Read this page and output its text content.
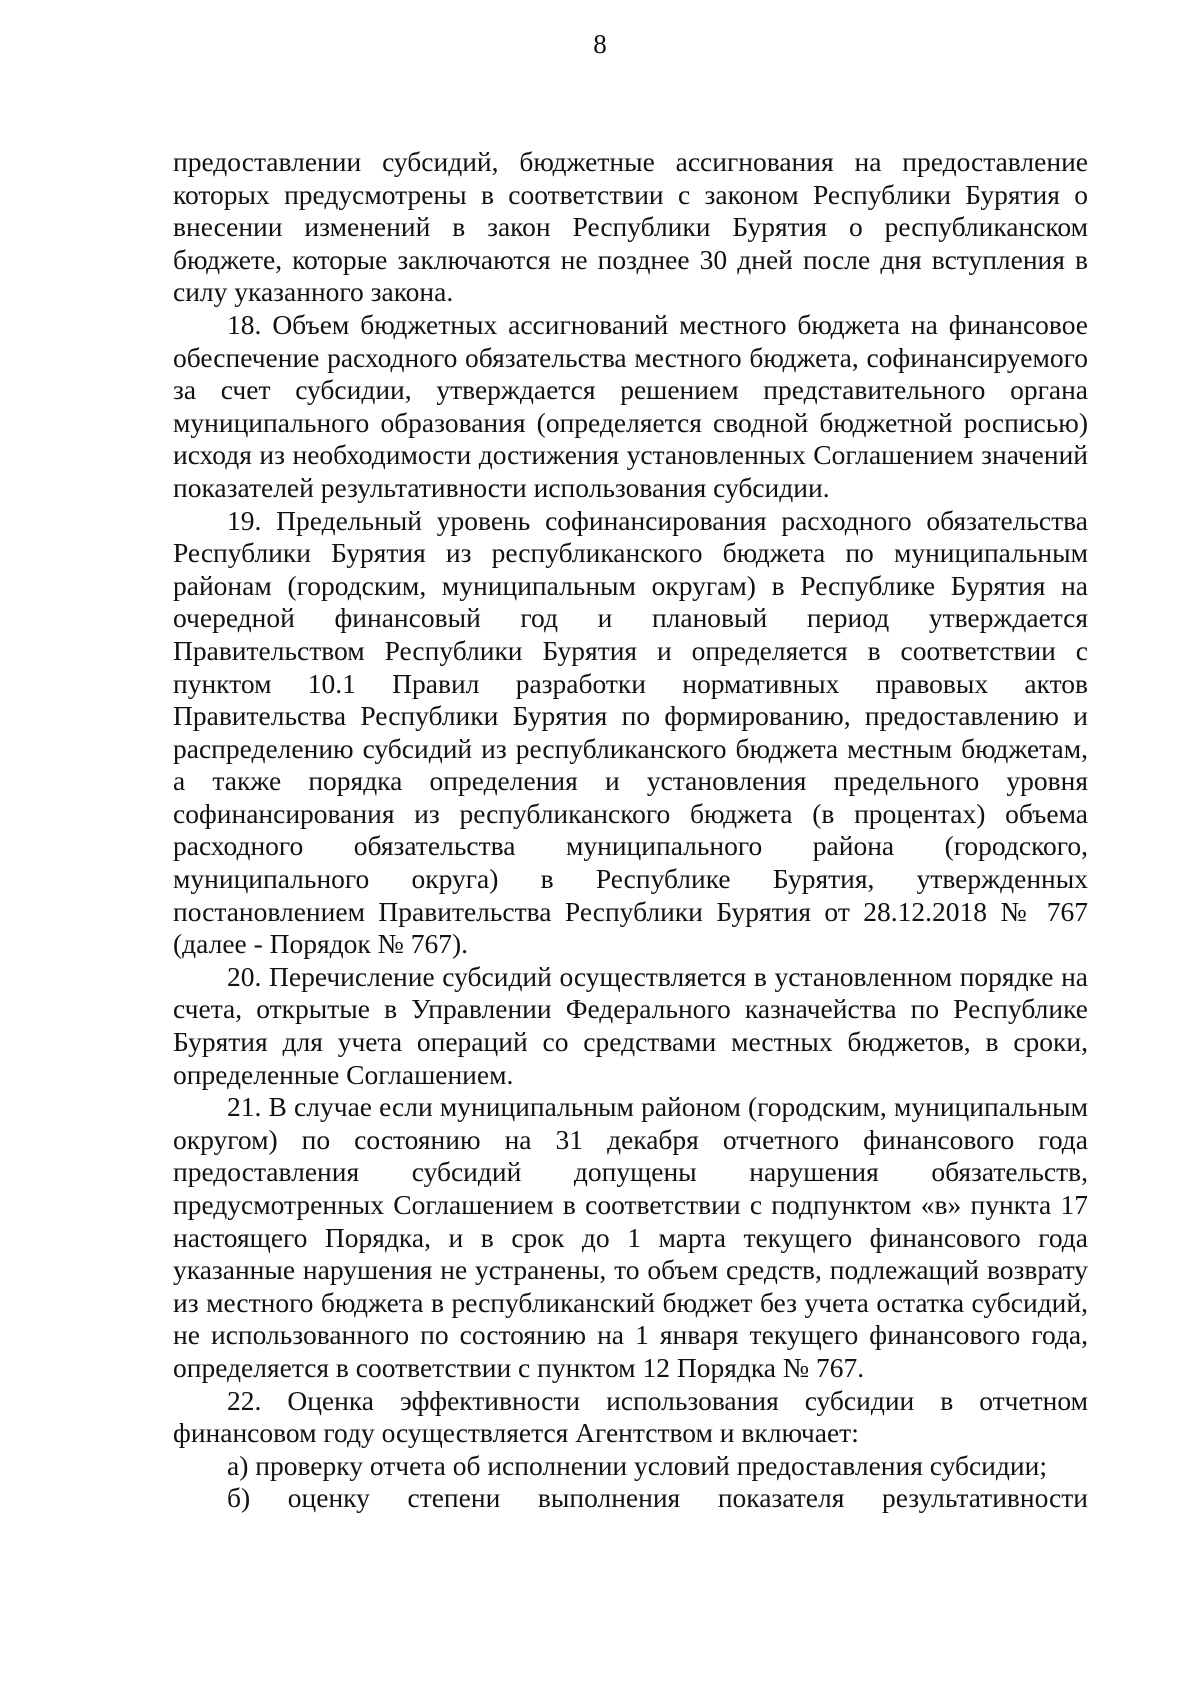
8

предоставлении субсидий, бюджетные ассигнования на предоставление которых предусмотрены в соответствии с законом Республики Бурятия о внесении изменений в закон Республики Бурятия о республиканском бюджете, которые заключаются не позднее 30 дней после дня вступления в силу указанного закона.

18. Объем бюджетных ассигнований местного бюджета на финансовое обеспечение расходного обязательства местного бюджета, софинансируемого за счет субсидии, утверждается решением представительного органа муниципального образования (определяется сводной бюджетной росписью) исходя из необходимости достижения установленных Соглашением значений показателей результативности использования субсидии.

19. Предельный уровень софинансирования расходного обязательства Республики Бурятия из республиканского бюджета по муниципальным районам (городским, муниципальным округам) в Республике Бурятия на очередной финансовый год и плановый период утверждается Правительством Республики Бурятия и определяется в соответствии с пунктом 10.1 Правил разработки нормативных правовых актов Правительства Республики Бурятия по формированию, предоставлению и распределению субсидий из республиканского бюджета местным бюджетам, а также порядка определения и установления предельного уровня софинансирования из республиканского бюджета (в процентах) объема расходного обязательства муниципального района (городского, муниципального округа) в Республике Бурятия, утвержденных постановлением Правительства Республики Бурятия от 28.12.2018 № 767 (далее - Порядок № 767).

20. Перечисление субсидий осуществляется в установленном порядке на счета, открытые в Управлении Федерального казначейства по Республике Бурятия для учета операций со средствами местных бюджетов, в сроки, определенные Соглашением.

21. В случае если муниципальным районом (городским, муниципальным округом) по состоянию на 31 декабря отчетного финансового года предоставления субсидий допущены нарушения обязательств, предусмотренных Соглашением в соответствии с подпунктом «в» пункта 17 настоящего Порядка, и в срок до 1 марта текущего финансового года указанные нарушения не устранены, то объем средств, подлежащий возврату из местного бюджета в республиканский бюджет без учета остатка субсидий, не использованного по состоянию на 1 января текущего финансового года, определяется в соответствии с пунктом 12 Порядка № 767.

22. Оценка эффективности использования субсидии в отчетном финансовом году осуществляется Агентством и включает:

а) проверку отчета об исполнении условий предоставления субсидии;

б) оценку степени выполнения показателя результативности
